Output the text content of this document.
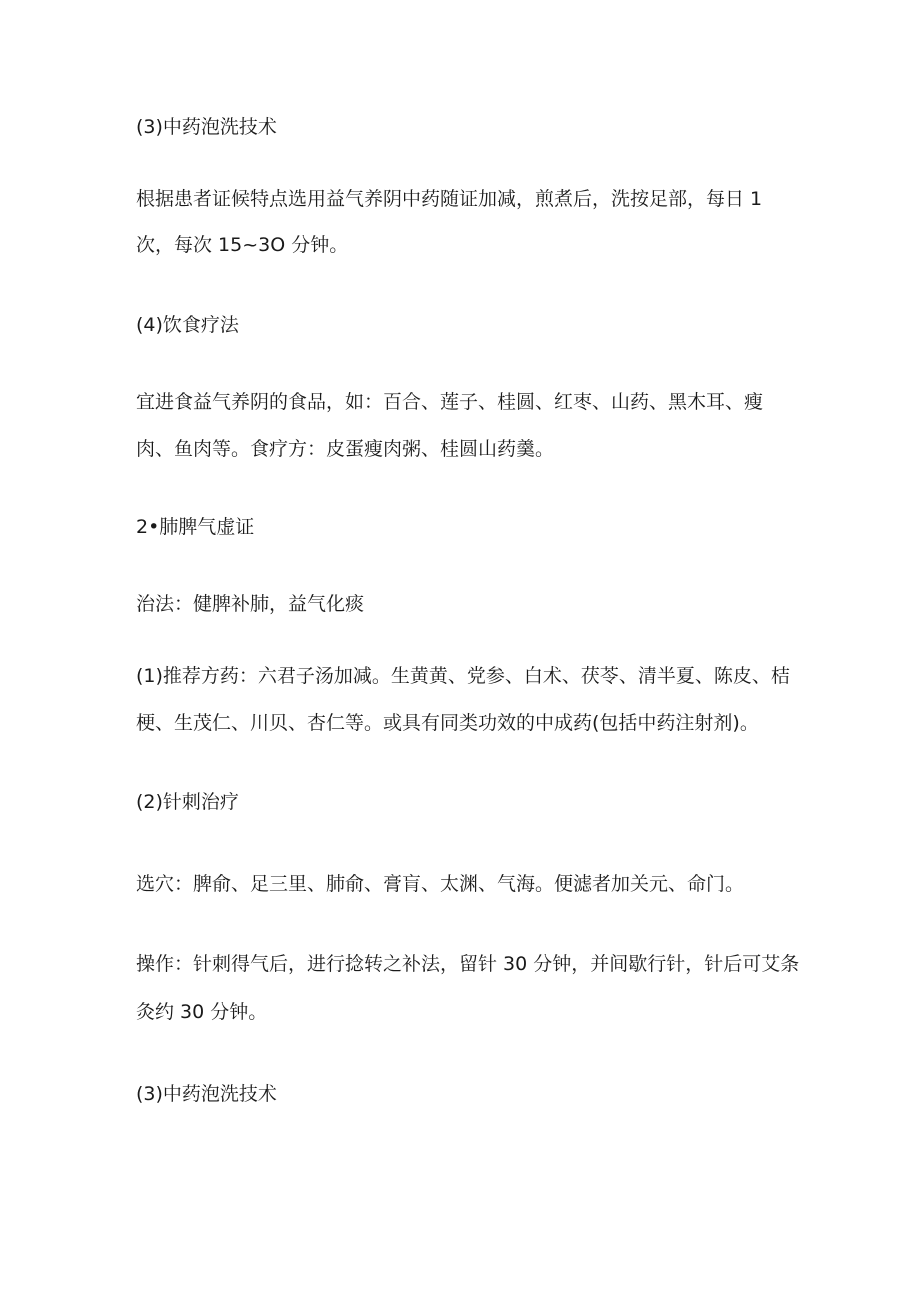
(3)中药泡洗技术
根据患者证候特点选用益气养阴中药随证加减，煎煮后，洗按足部，每日 1
次，每次 15~3O 分钟。
(4)饮食疗法
宜进食益气养阴的食品，如：百合、莲子、桂圆、红枣、山药、黑木耳、瘦
肉、鱼肉等。食疗方：皮蛋瘦肉粥、桂圆山药羹。
2•肺脾气虚证
治法：健脾补肺，益气化痰
(1)推荐方药：六君子汤加减。生黄黄、党参、白术、茯苓、清半夏、陈皮、桔
梗、生茂仁、川贝、杏仁等。或具有同类功效的中成药(包括中药注射剂)。
(2)针刺治疗
选穴：脾俞、足三里、肺俞、膏肓、太渊、气海。便滤者加关元、命门。
操作：针刺得气后，进行捻转之补法，留针 30 分钟，并间歇行针，针后可艾条
灸约 30 分钟。
(3)中药泡洗技术
